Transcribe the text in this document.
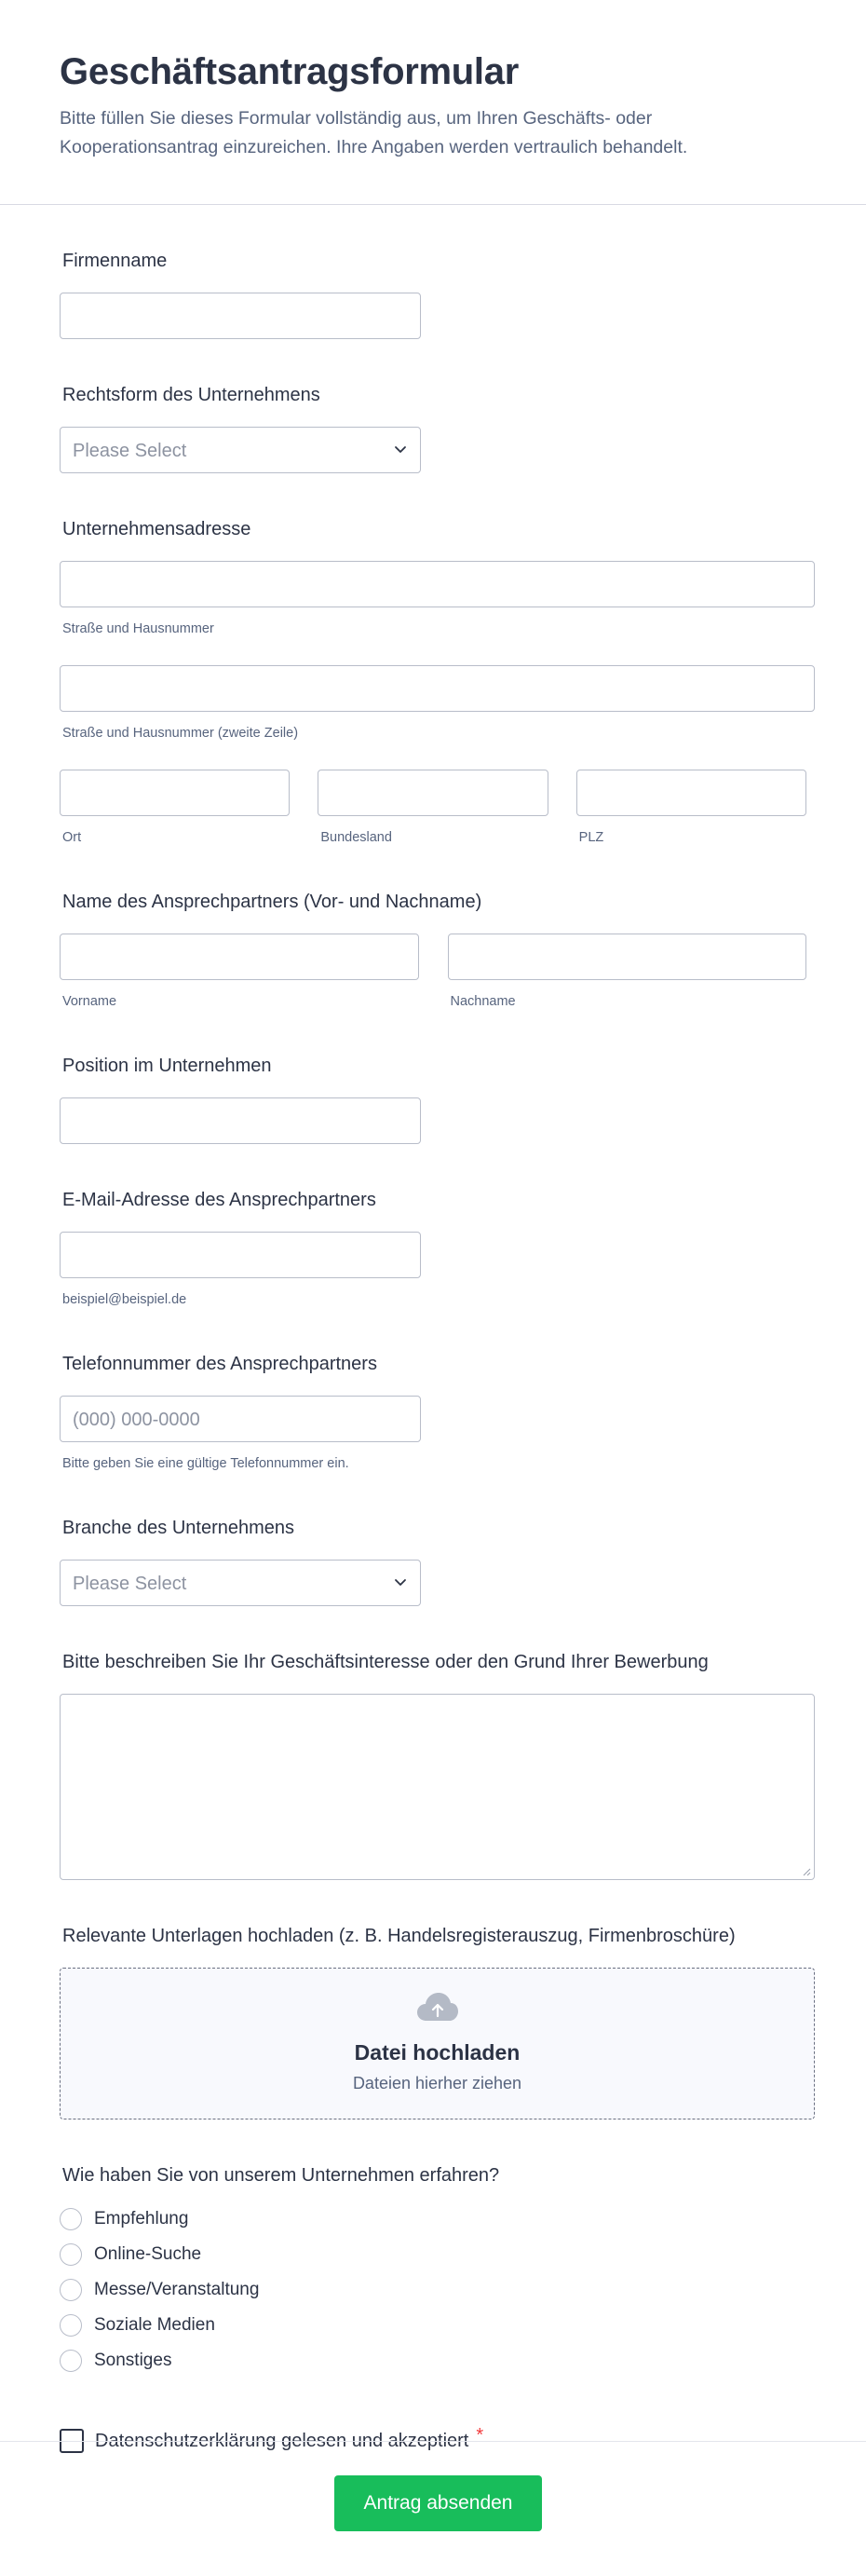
Geschäftsantragsformular

Bitte füllen Sie dieses Formular vollständig aus, um Ihren Geschäfts- oder Kooperationsantrag einzureichen. Ihre Angaben werden vertraulich behandelt.

Firmenname
Rechtsform des Unternehmens
Please Select
Unternehmensadresse
Straße und Hausnummer
Straße und Hausnummer (zweite Zeile)
Ort	Bundesland	PLZ
Name des Ansprechpartners (Vor- und Nachname)
Vorname	Nachname
Position im Unternehmen
E-Mail-Adresse des Ansprechpartners
beispiel@beispiel.de
Telefonnummer des Ansprechpartners
(000) 000-0000
Bitte geben Sie eine gültige Telefonnummer ein.
Branche des Unternehmens
Please Select
Bitte beschreiben Sie Ihr Geschäftsinteresse oder den Grund Ihrer Bewerbung
Relevante Unterlagen hochladen (z. B. Handelsregisterauszug, Firmenbroschüre)
Datei hochladen
Dateien hierher ziehen
Wie haben Sie von unserem Unternehmen erfahren?
Empfehlung
Online-Suche
Messe/Veranstaltung
Soziale Medien
Sonstiges
Datenschutzerklärung gelesen und akzeptiert *
Antrag absenden
